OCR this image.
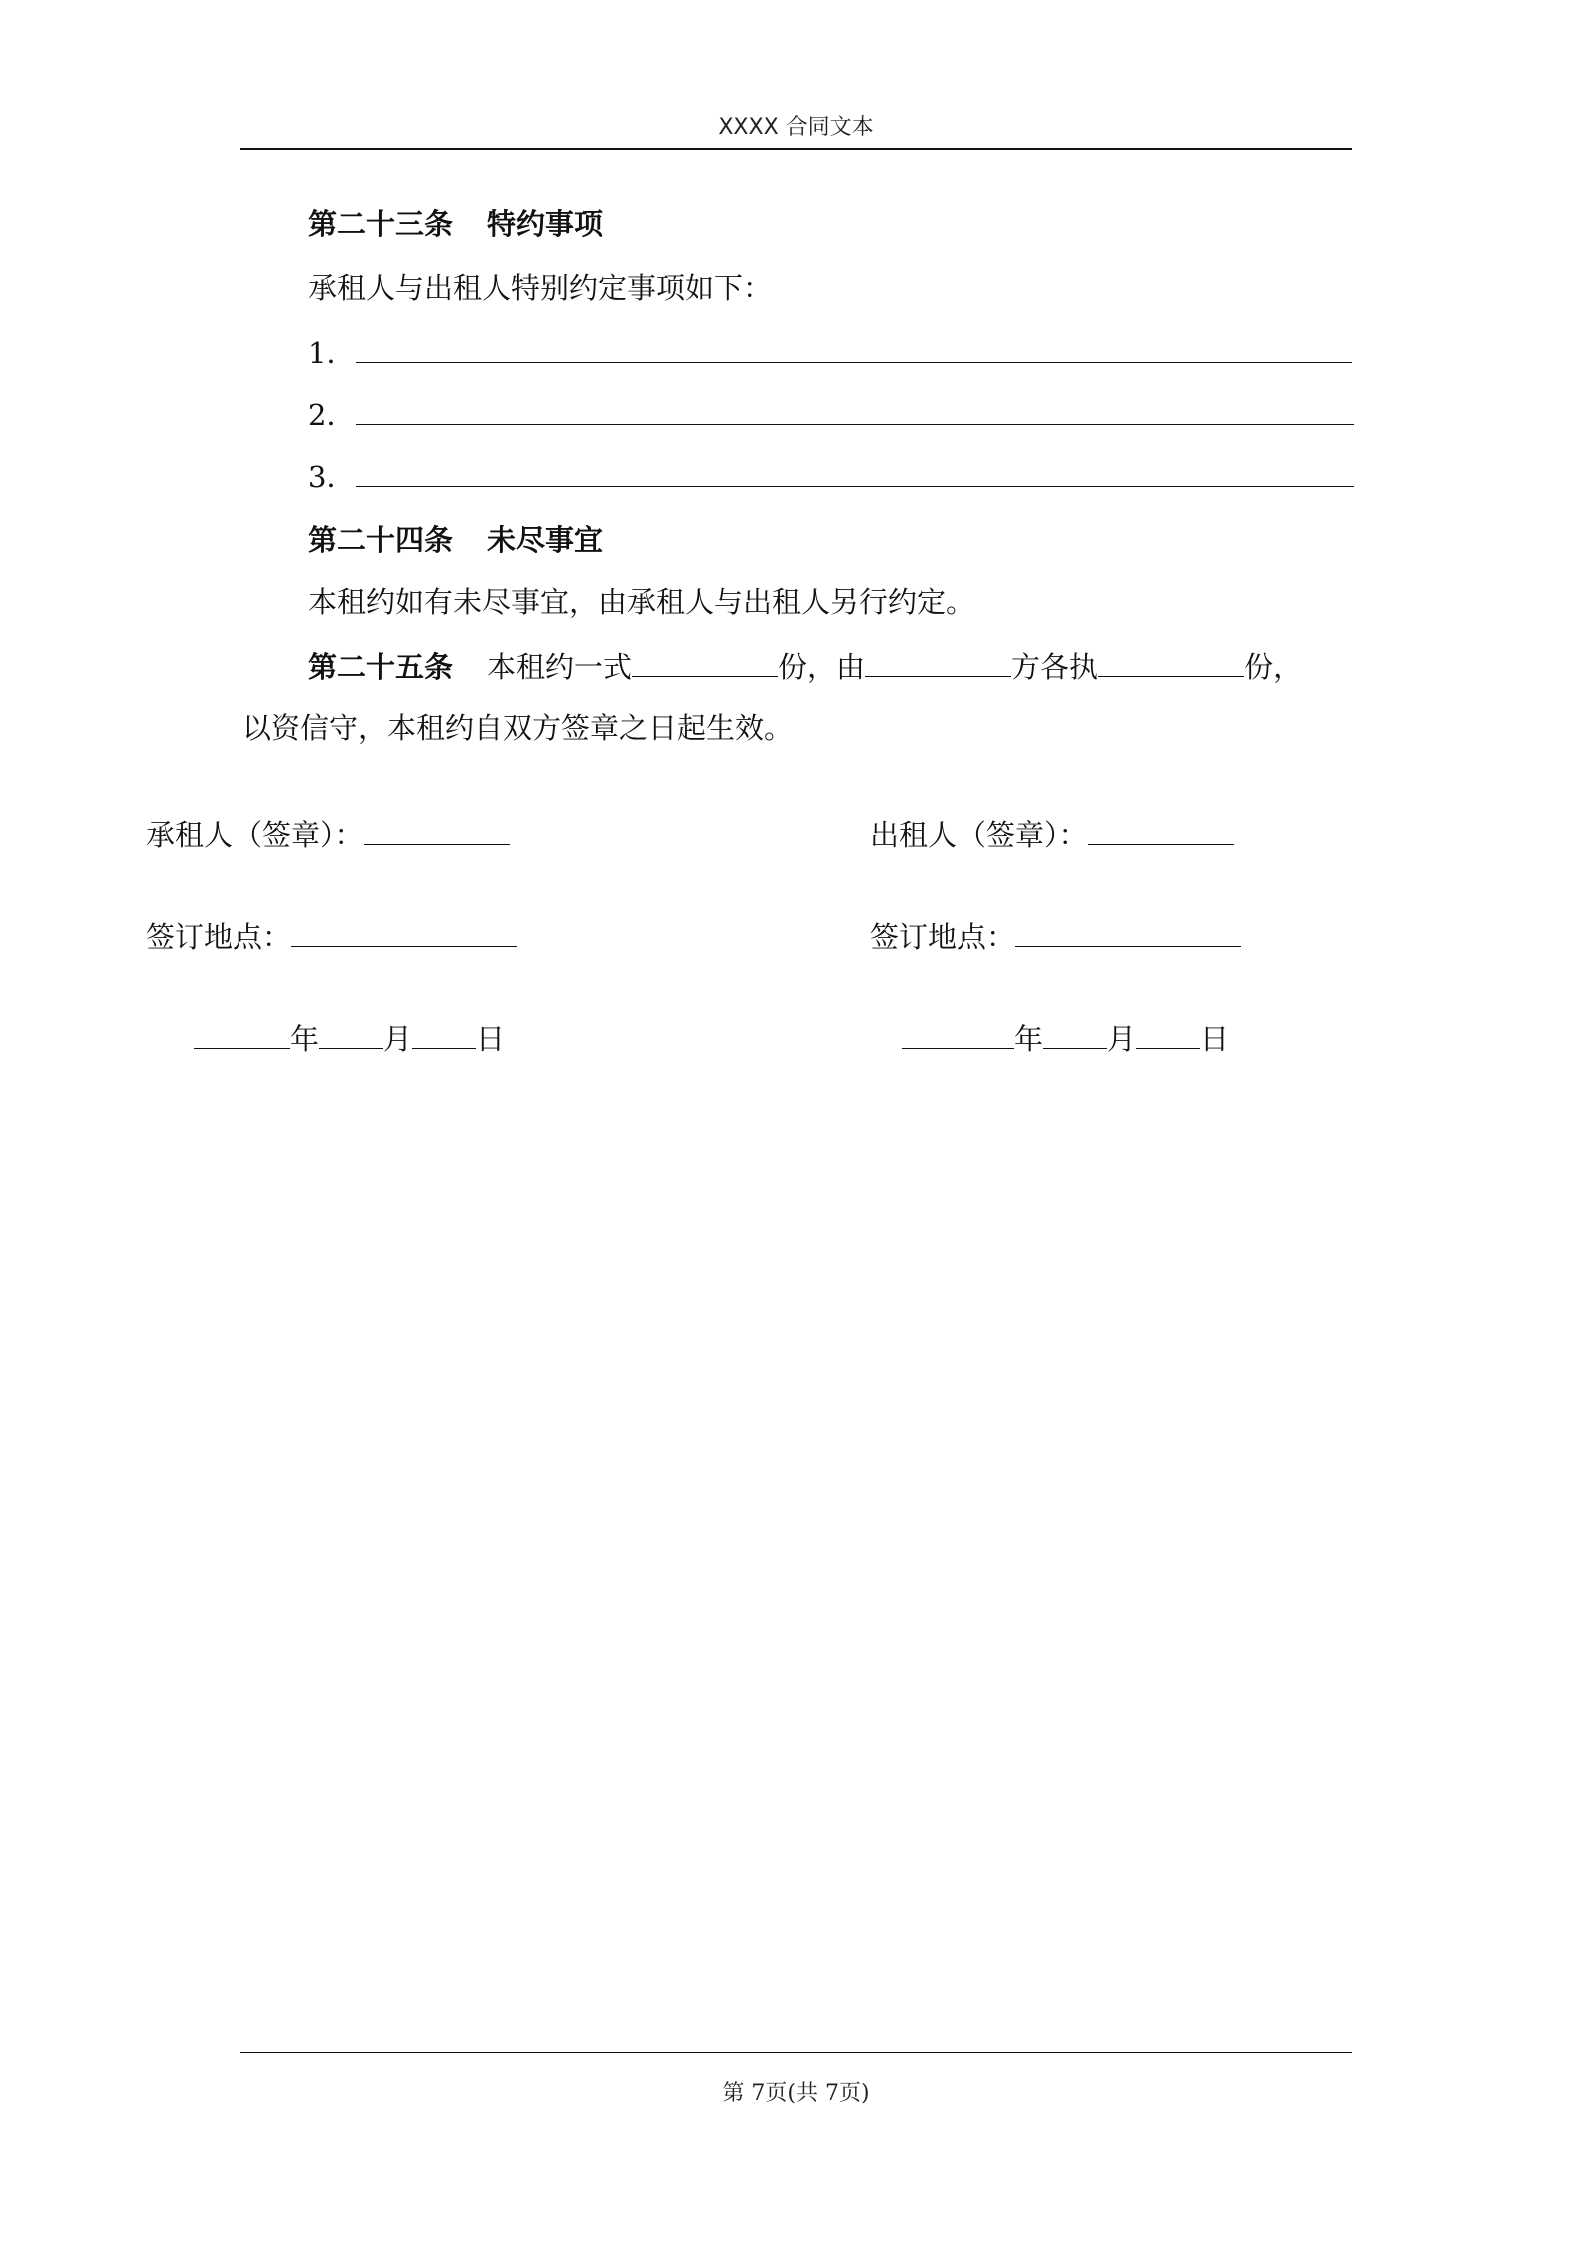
XXXX 合同文本
第二十三条 特约事项
承租人与出租人特别约定事项如下：
1．
2．
3．
第二十四条 未尽事宜
本租约如有未尽事宜，由承租人与出租人另行约定。
第二十五条 本租约一式	份，由	方各执	份，
以资信守，本租约自双方签章之日起生效。
承租人（签章）：	出租人（签章）：
签订地点：	签订地点：
年 月 日	年 月 日
第 7页(共 7页)
